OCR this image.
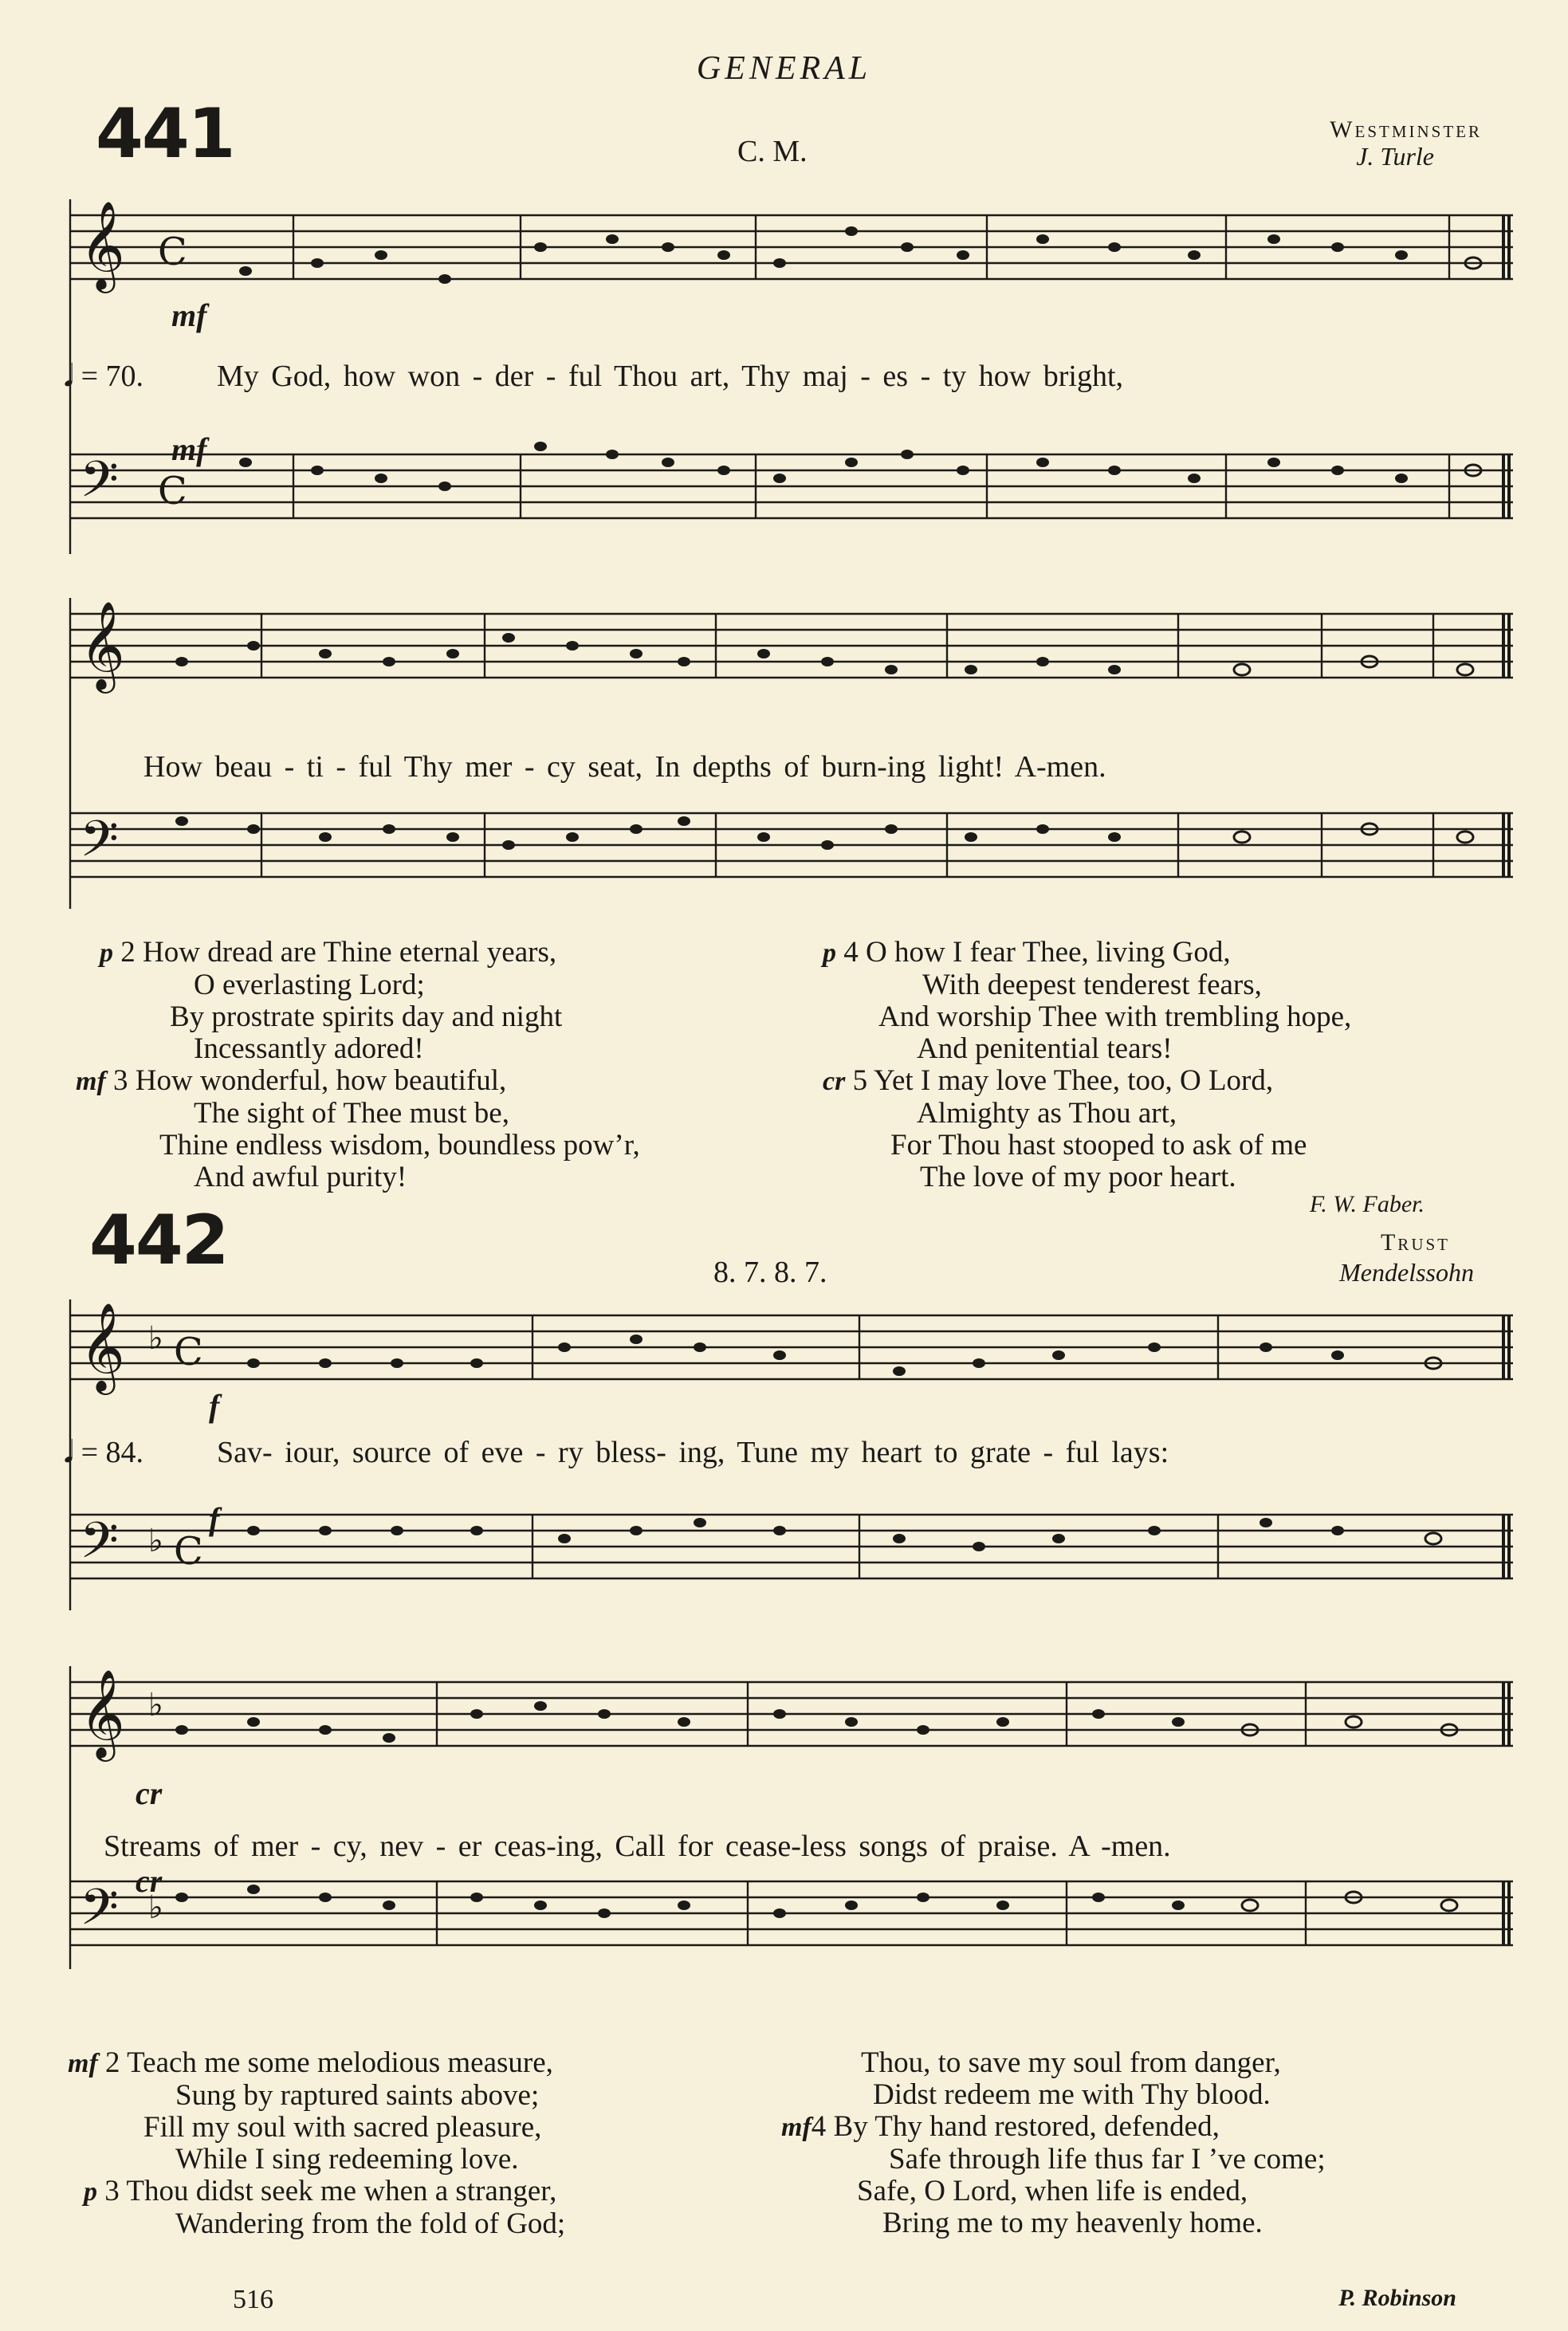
GENERAL
441	C. M.
Westminster
J. Turle
𝄞
𝄢
C
C
mf
𝅘𝅥 = 70. My God, how won - der - ful Thou art, Thy maj - es - ty how bright,
mf
𝄞
𝄢
How beau - ti - ful Thy mer - cy seat, In depths of burn-ing light! A-men.
p 2 How dread are Thine eternal years,
O everlasting Lord;
By prostrate spirits day and night
Incessantly adored!
mf 3 How wonderful, how beautiful,
The sight of Thee must be,
Thine endless wisdom, boundless pow’r,
And awful purity!
p 4 O how I fear Thee, living God,
With deepest tenderest fears,
And worship Thee with trembling hope,
And penitential tears!
cr 5 Yet I may love Thee, too, O Lord,
Almighty as Thou art,
For Thou hast stooped to ask of me
The love of my poor heart.
F. W. Faber.
442	8. 7. 8. 7.
Trust
Mendelssohn
𝄞 ♭ C
𝄢 ♭ C
f
𝅘𝅥 = 84. Sav- iour, source of eve - ry bless- ing, Tune my heart to grate - ful lays:
f
𝄞 ♭
𝄢 ♭
cr
Streams of mer - cy, nev - er ceas-ing, Call for cease-less songs of praise. A -men.
cr
mf 2 Teach me some melodious measure,
Sung by raptured saints above;
Fill my soul with sacred pleasure,
While I sing redeeming love.
p 3 Thou didst seek me when a stranger,
Wandering from the fold of God;
Thou, to save my soul from danger,
Didst redeem me with Thy blood.
mf4 By Thy hand restored, defended,
Safe through life thus far I ’ve come;
Safe, O Lord, when life is ended,
Bring me to my heavenly home.
516	P. Robinson
